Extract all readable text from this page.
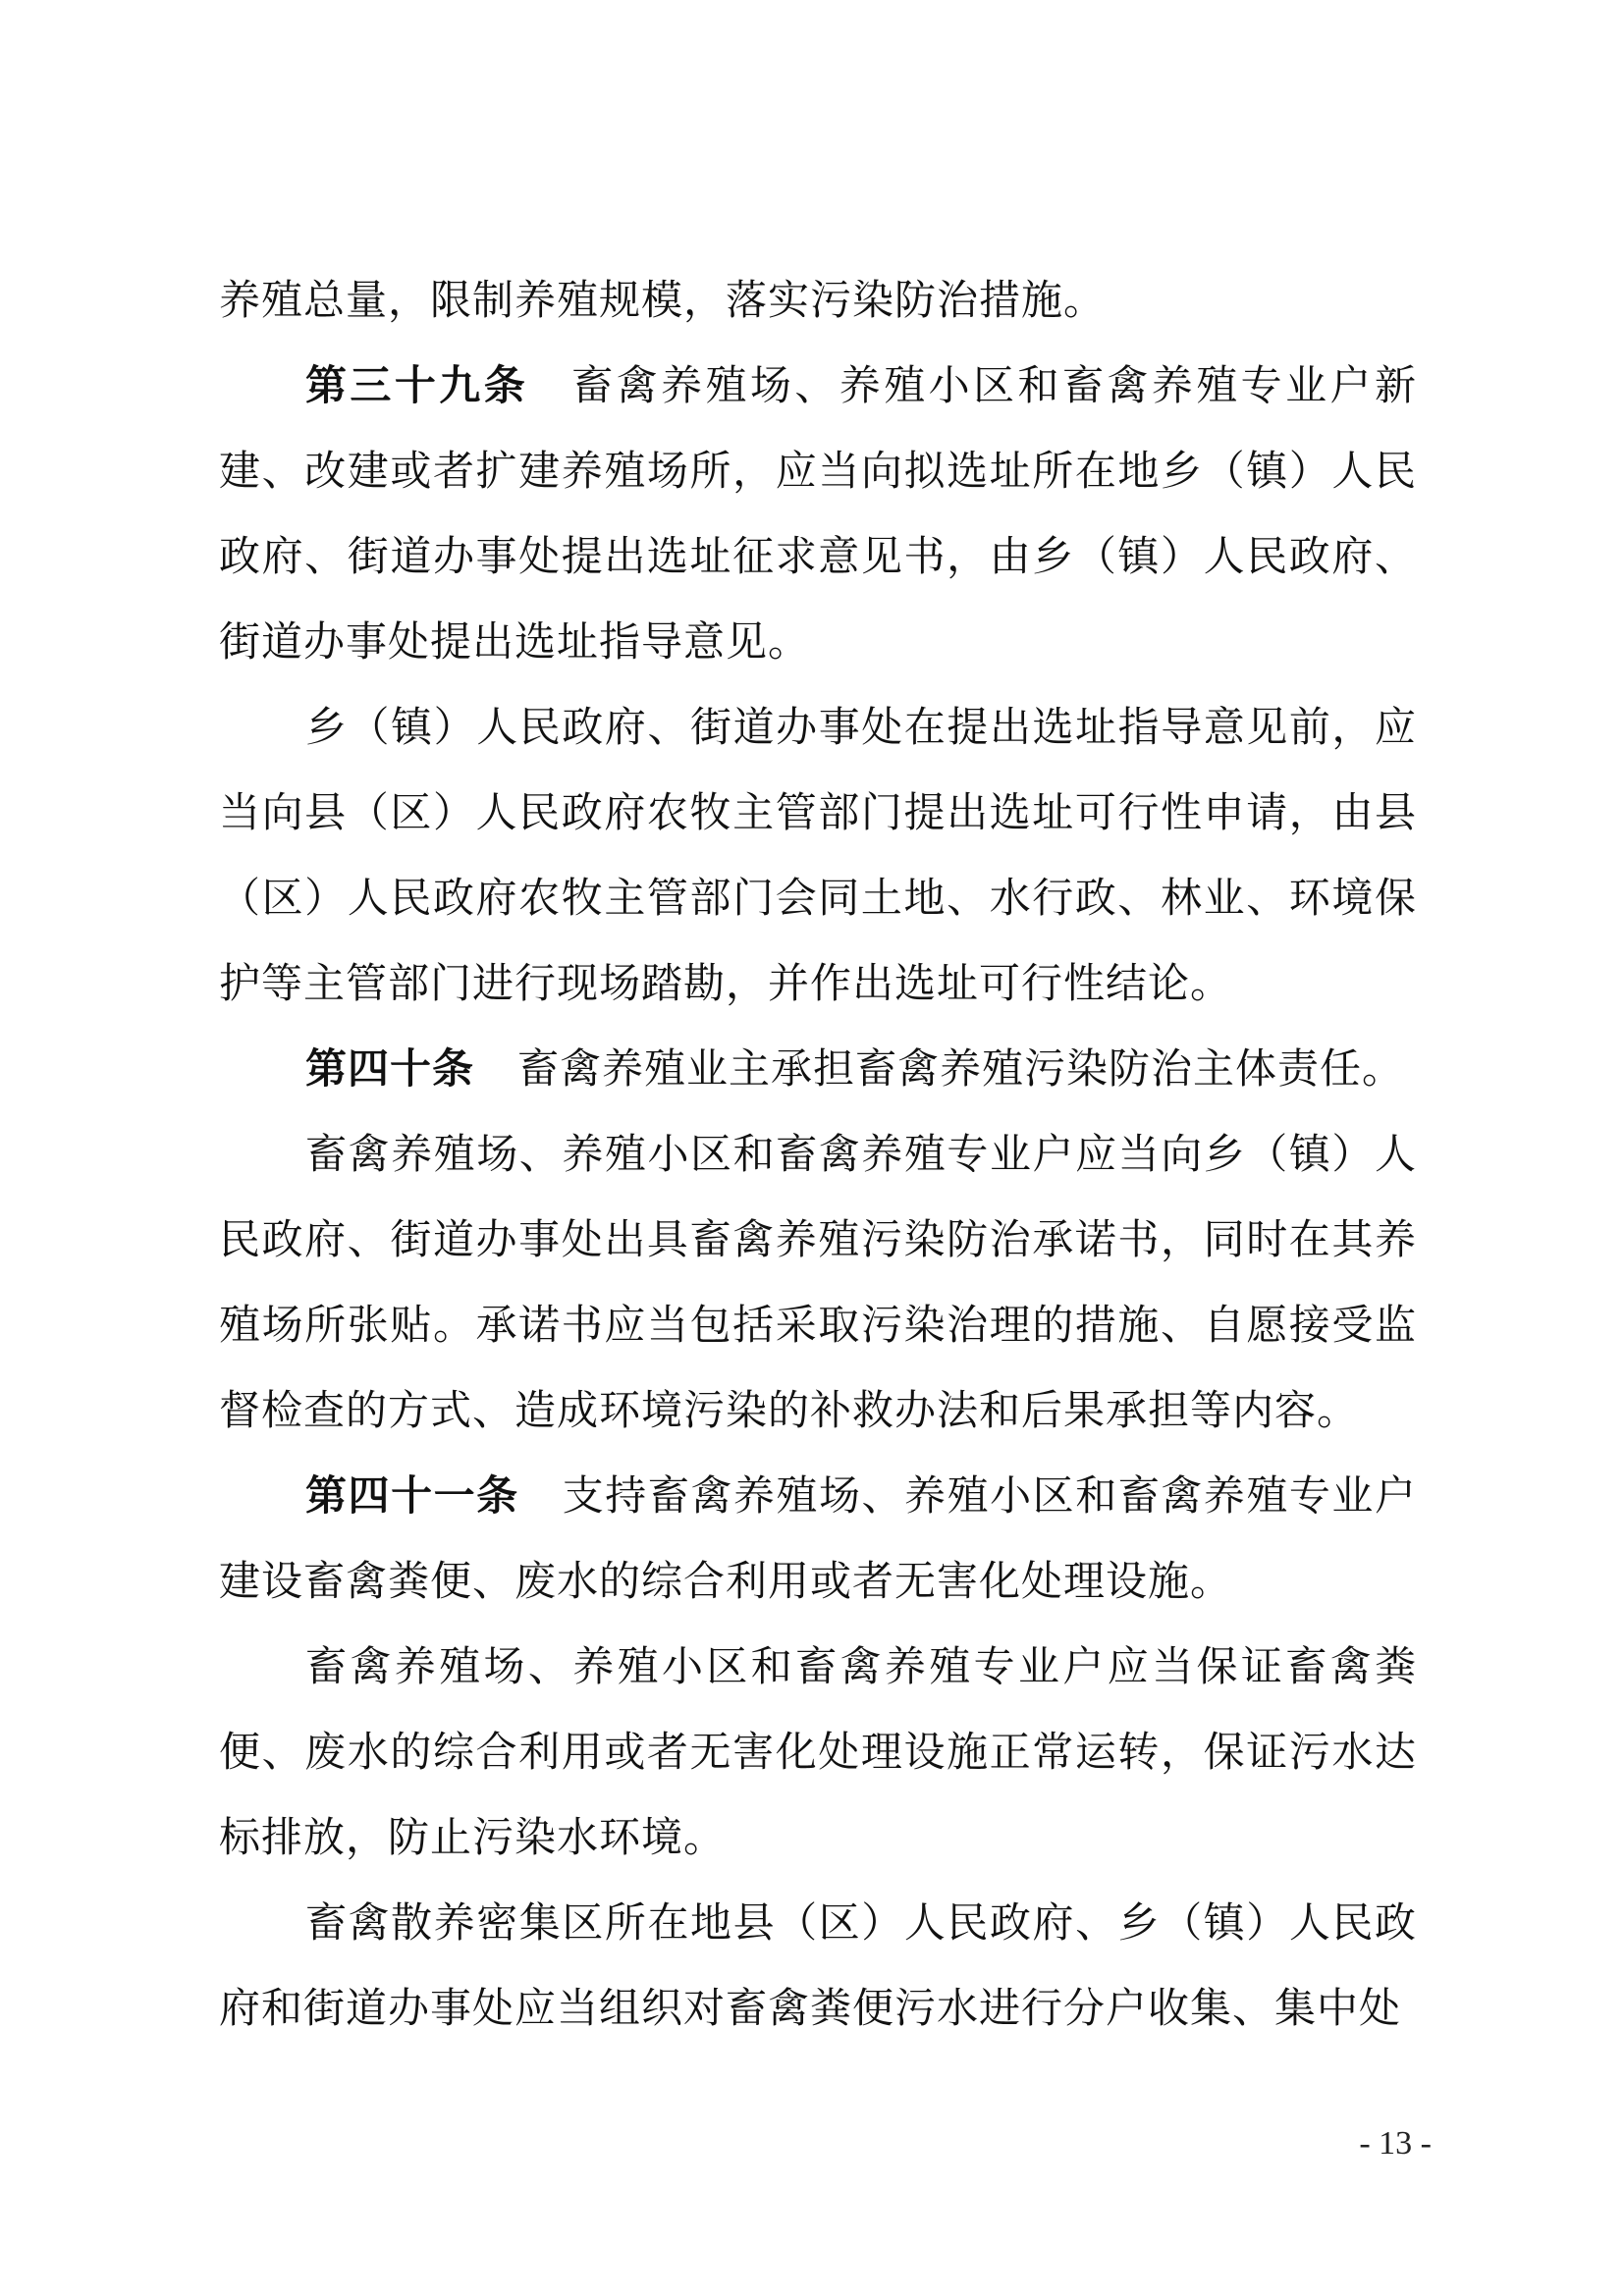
养殖总量，限制养殖规模，落实污染防治措施。

第三十九条 畜禽养殖场、养殖小区和畜禽养殖专业户新建、改建或者扩建养殖场所，应当向拟选址所在地乡（镇）人民政府、街道办事处提出选址征求意见书，由乡（镇）人民政府、街道办事处提出选址指导意见。

乡（镇）人民政府、街道办事处在提出选址指导意见前，应当向县（区）人民政府农牧主管部门提出选址可行性申请，由县（区）人民政府农牧主管部门会同土地、水行政、林业、环境保护等主管部门进行现场踏勘，并作出选址可行性结论。

第四十条 畜禽养殖业主承担畜禽养殖污染防治主体责任。

畜禽养殖场、养殖小区和畜禽养殖专业户应当向乡（镇）人民政府、街道办事处出具畜禽养殖污染防治承诺书，同时在其养殖场所张贴。承诺书应当包括采取污染治理的措施、自愿接受监督检查的方式、造成环境污染的补救办法和后果承担等内容。

第四十一条 支持畜禽养殖场、养殖小区和畜禽养殖专业户建设畜禽粪便、废水的综合利用或者无害化处理设施。

畜禽养殖场、养殖小区和畜禽养殖专业户应当保证畜禽粪便、废水的综合利用或者无害化处理设施正常运转，保证污水达标排放，防止污染水环境。

畜禽散养密集区所在地县（区）人民政府、乡（镇）人民政府和街道办事处应当组织对畜禽粪便污水进行分户收集、集中处

- 13 -
